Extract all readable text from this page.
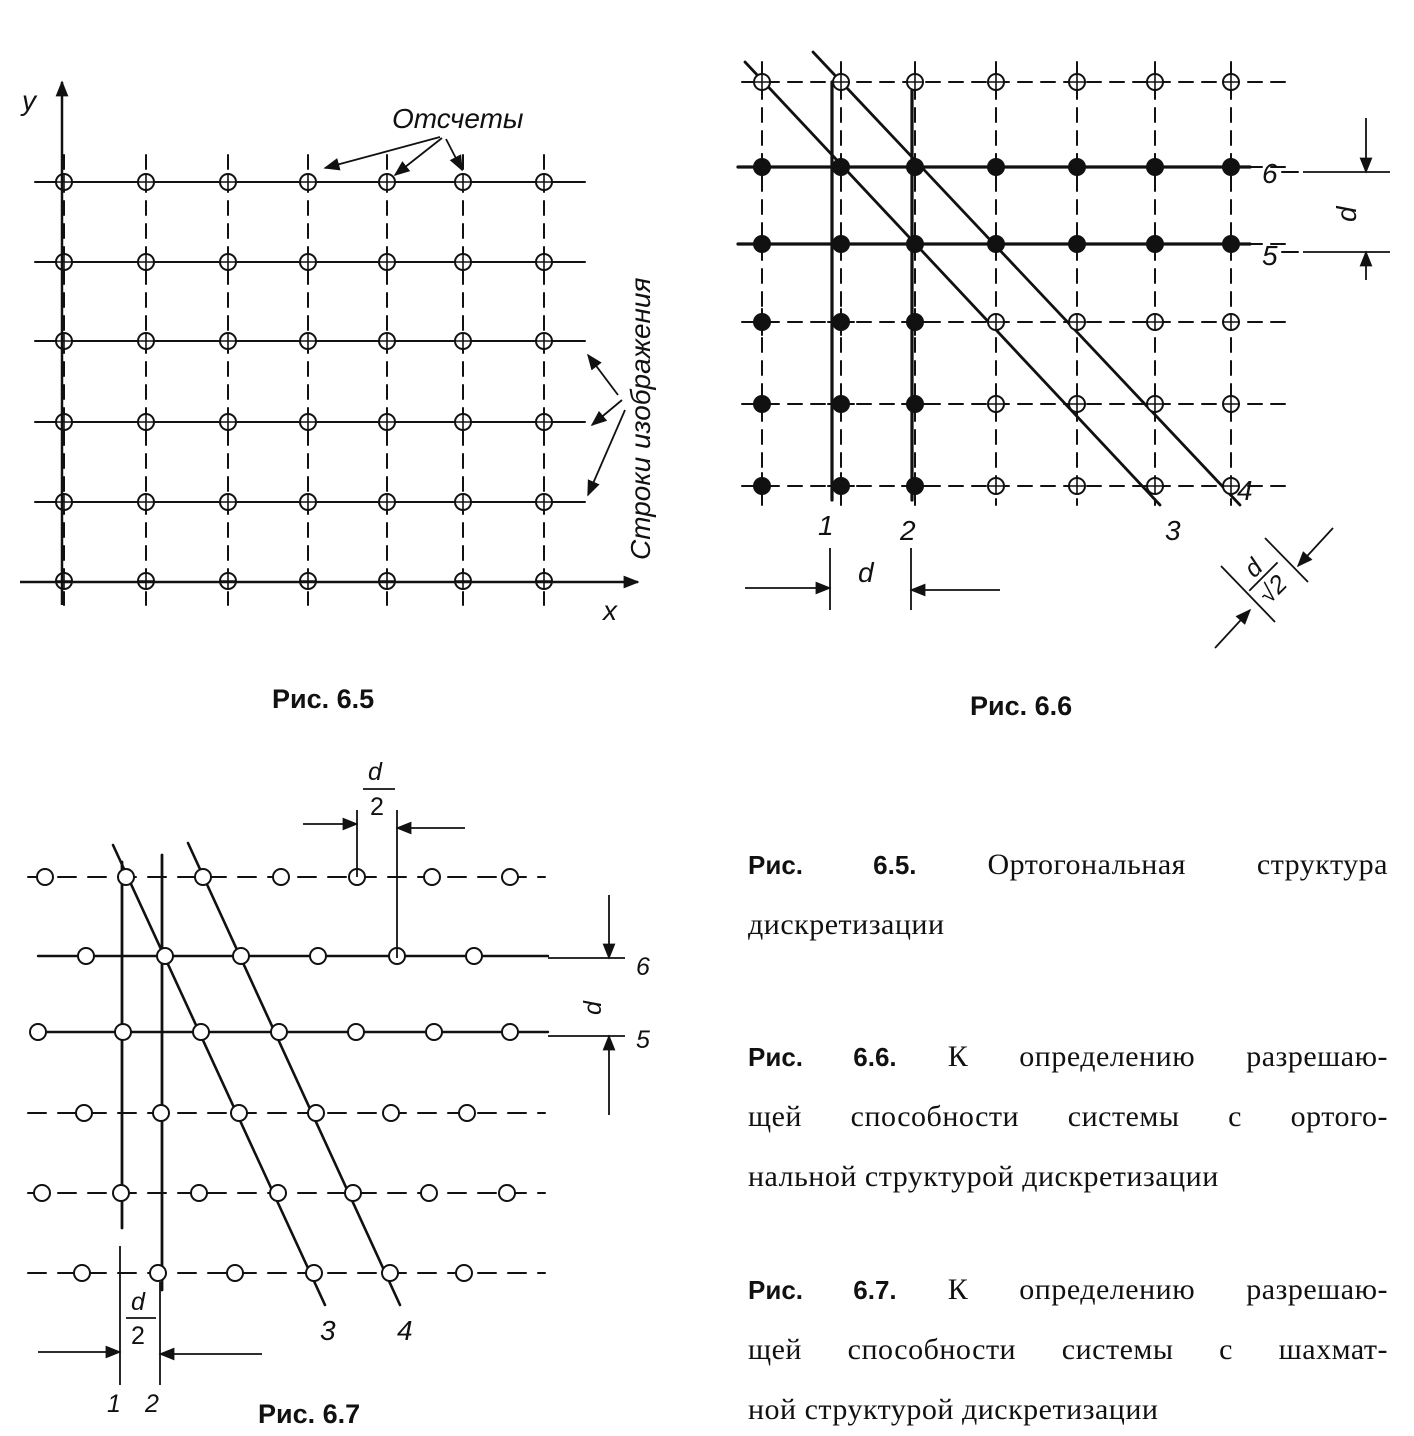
y
x
Отсчеты
Строки изображения
Рис. 6.5
1 2	3
4
5
6
d
d
d
√2
Рис. 6.6
1 2
3 4
5
6
d
2
d
d
2
Рис. 6.7
Рис. 6.5. Ортогональная структура
дискретизации
Рис. 6.6. К определению разрешаю-
щей способности системы с ортого-
нальной структурой дискретизации
Рис. 6.7. К определению разрешаю-
щей способности системы с шахмат-
ной структурой дискретизации
